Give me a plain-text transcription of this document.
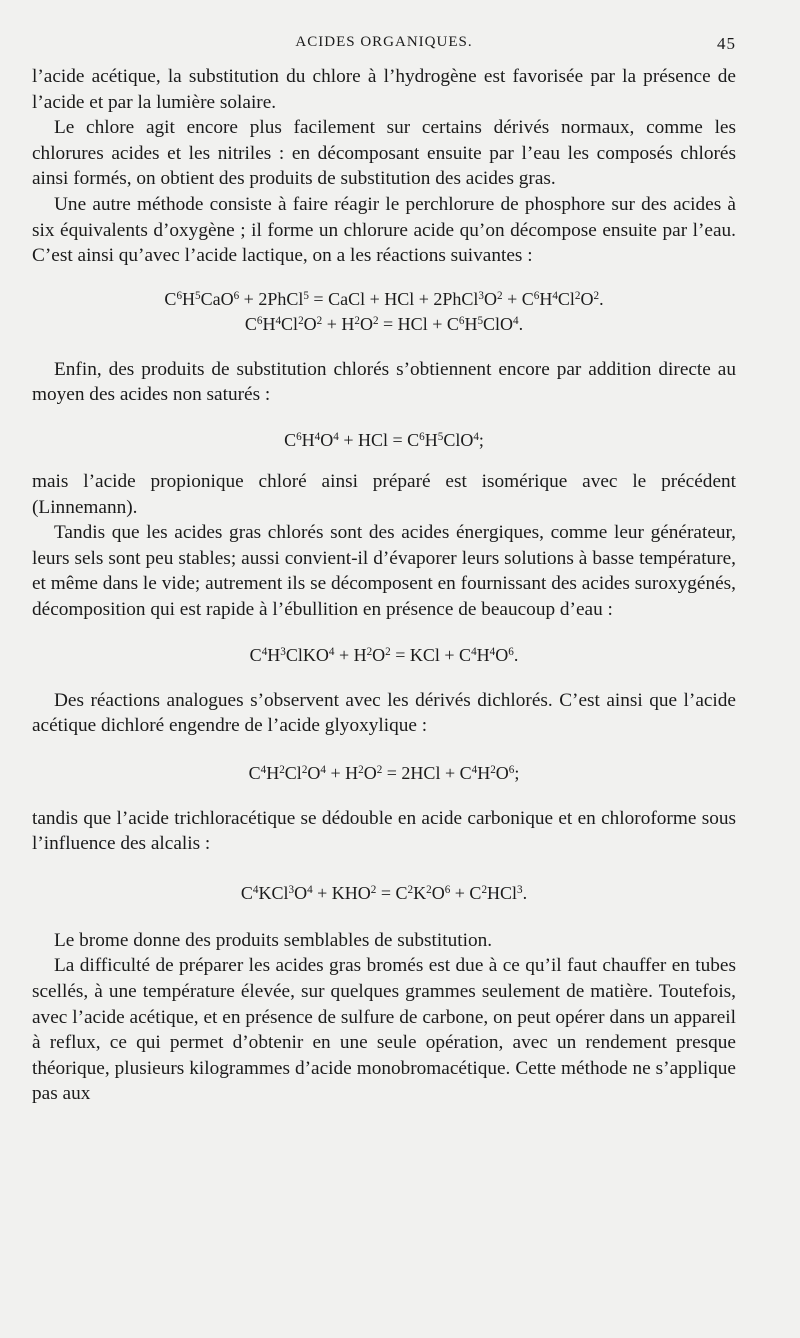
ACIDES ORGANIQUES.	45

l’acide acétique, la substitution du chlore à l’hydrogène est favorisée par la présence de l’acide et par la lumière solaire.

Le chlore agit encore plus facilement sur certains dérivés normaux, comme les chlorures acides et les nitriles : en décomposant ensuite par l’eau les composés chlorés ainsi formés, on obtient des produits de substitution des acides gras.

Une autre méthode consiste à faire réagir le perchlorure de phosphore sur des acides à six équivalents d’oxygène ; il forme un chlorure acide qu’on décompose ensuite par l’eau. C’est ainsi qu’avec l’acide lactique, on a les réactions suivantes :

$C^6H^5CaO^6$ + 2PhCl$^5$ = CaCl + HCl + $2PhCl^3O^2 + C^6H^4Cl^2O^2$.
$C^6H^4Cl^2O^2 + H^2O^2$ = HCl + $C^6H^5ClO^4$.

Enfin, des produits de substitution chlorés s’obtiennent encore par addition directe au moyen des acides non saturés :

$C^6H^4O^4$ + HCl = $C^6H^5ClO^4$;

mais l’acide propionique chloré ainsi préparé est isomérique avec le précédent (Linnemann).

Tandis que les acides gras chlorés sont des acides énergiques, comme leur générateur, leurs sels sont peu stables; aussi convient-il d’évaporer leurs solutions à basse température, et même dans le vide; autrement ils se décomposent en fournissant des acides suroxygénés, décomposition qui est rapide à l’ébullition en présence de beaucoup d’eau :

$C^4H^3ClKO^4 + H^2O^2$ = KCl + $C^4H^4O^6$.

Des réactions analogues s’observent avec les dérivés dichlorés. C’est ainsi que l’acide acétique dichloré engendre de l’acide glyoxylique :

$C^4H^2Cl^2O^4 + H^2O^2 = 2HCl + C^4H^2O^6$;

tandis que l’acide trichloracétique se dédouble en acide carbonique et en chloroforme sous l’influence des alcalis :

$C^4KCl^3O^4 + KHO^2 = C^2K^2O^6 + C^2HCl^3$.

Le brome donne des produits semblables de substitution.

La difficulté de préparer les acides gras bromés est due à ce qu’il faut chauffer en tubes scellés, à une température élevée, sur quelques grammes seulement de matière. Toutefois, avec l’acide acétique, et en présence de sulfure de carbone, on peut opérer dans un appareil à reflux, ce qui permet d’obtenir en une seule opération, avec un rendement presque théorique, plusieurs kilogrammes d’acide monobromacétique. Cette méthode ne s’applique pas aux
